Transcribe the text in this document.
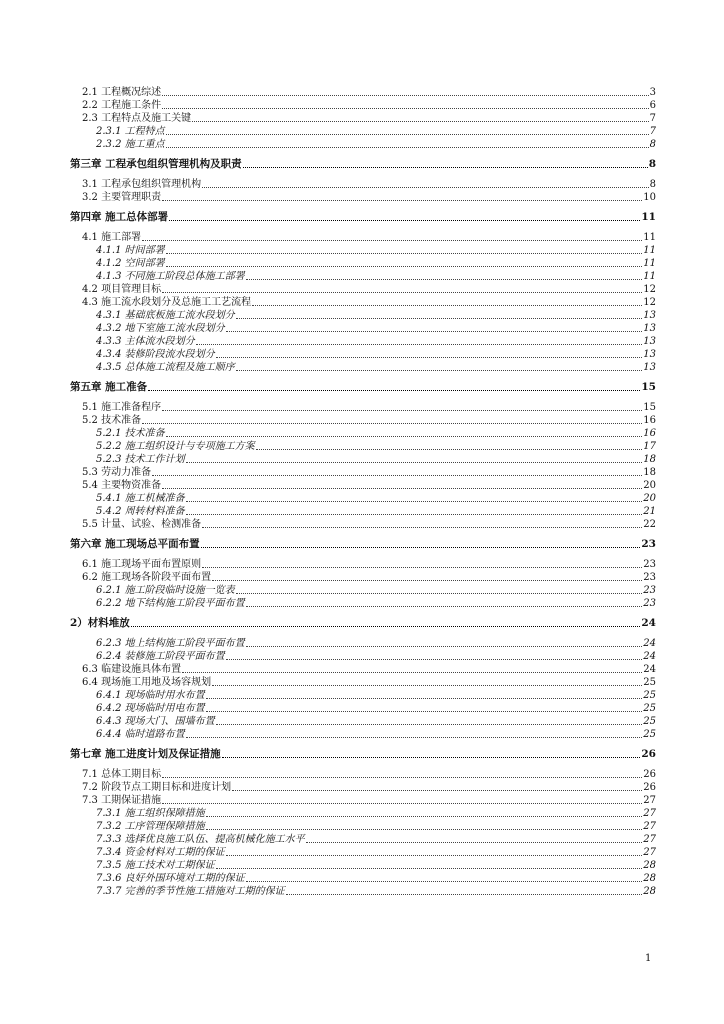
2.1 工程概况综述	3
2.2 工程施工条件	6
2.3 工程特点及施工关键	7
2.3.1 工程特点	7
2.3.2 施工重点	8
第三章 工程承包组织管理机构及职责	8
3.1 工程承包组织管理机构	8
3.2 主要管理职责	10
第四章 施工总体部署	11
4.1 施工部署	11
4.1.1 时间部署	11
4.1.2 空间部署	11
4.1.3 不同施工阶段总体施工部署	11
4.2 项目管理目标	12
4.3 施工流水段划分及总施工工艺流程	12
4.3.1 基础底板施工流水段划分	13
4.3.2 地下室施工流水段划分	13
4.3.3 主体流水段划分	13
4.3.4 装修阶段流水段划分	13
4.3.5 总体施工流程及施工顺序	13
第五章 施工准备	15
5.1 施工准备程序	15
5.2 技术准备	16
5.2.1 技术准备	16
5.2.2 施工组织设计与专项施工方案	17
5.2.3 技术工作计划	18
5.3 劳动力准备	18
5.4 主要物资准备	20
5.4.1 施工机械准备	20
5.4.2 周转材料准备	21
5.5 计量、试验、检测准备	22
第六章 施工现场总平面布置	23
6.1 施工现场平面布置原则	23
6.2 施工现场各阶段平面布置	23
6.2.1 施工阶段临时设施一览表	23
6.2.2 地下结构施工阶段平面布置	23
2）材料堆放	24
6.2.3 地上结构施工阶段平面布置	24
6.2.4 装修施工阶段平面布置	24
6.3 临建设施具体布置	24
6.4 现场施工用地及场容规划	25
6.4.1 现场临时用水布置	25
6.4.2 现场临时用电布置	25
6.4.3 现场大门、围墙布置	25
6.4.4 临时道路布置	25
第七章 施工进度计划及保证措施	26
7.1 总体工期目标	26
7.2 阶段节点工期目标和进度计划	26
7.3 工期保证措施	27
7.3.1 施工组织保障措施	27
7.3.2 工序管理保障措施	27
7.3.3 选择优良施工队伍、提高机械化施工水平	27
7.3.4 资金材料对工期的保证	27
7.3.5 施工技术对工期保证	28
7.3.6 良好外围环境对工期的保证	28
7.3.7 完善的季节性施工措施对工期的保证	28
1
